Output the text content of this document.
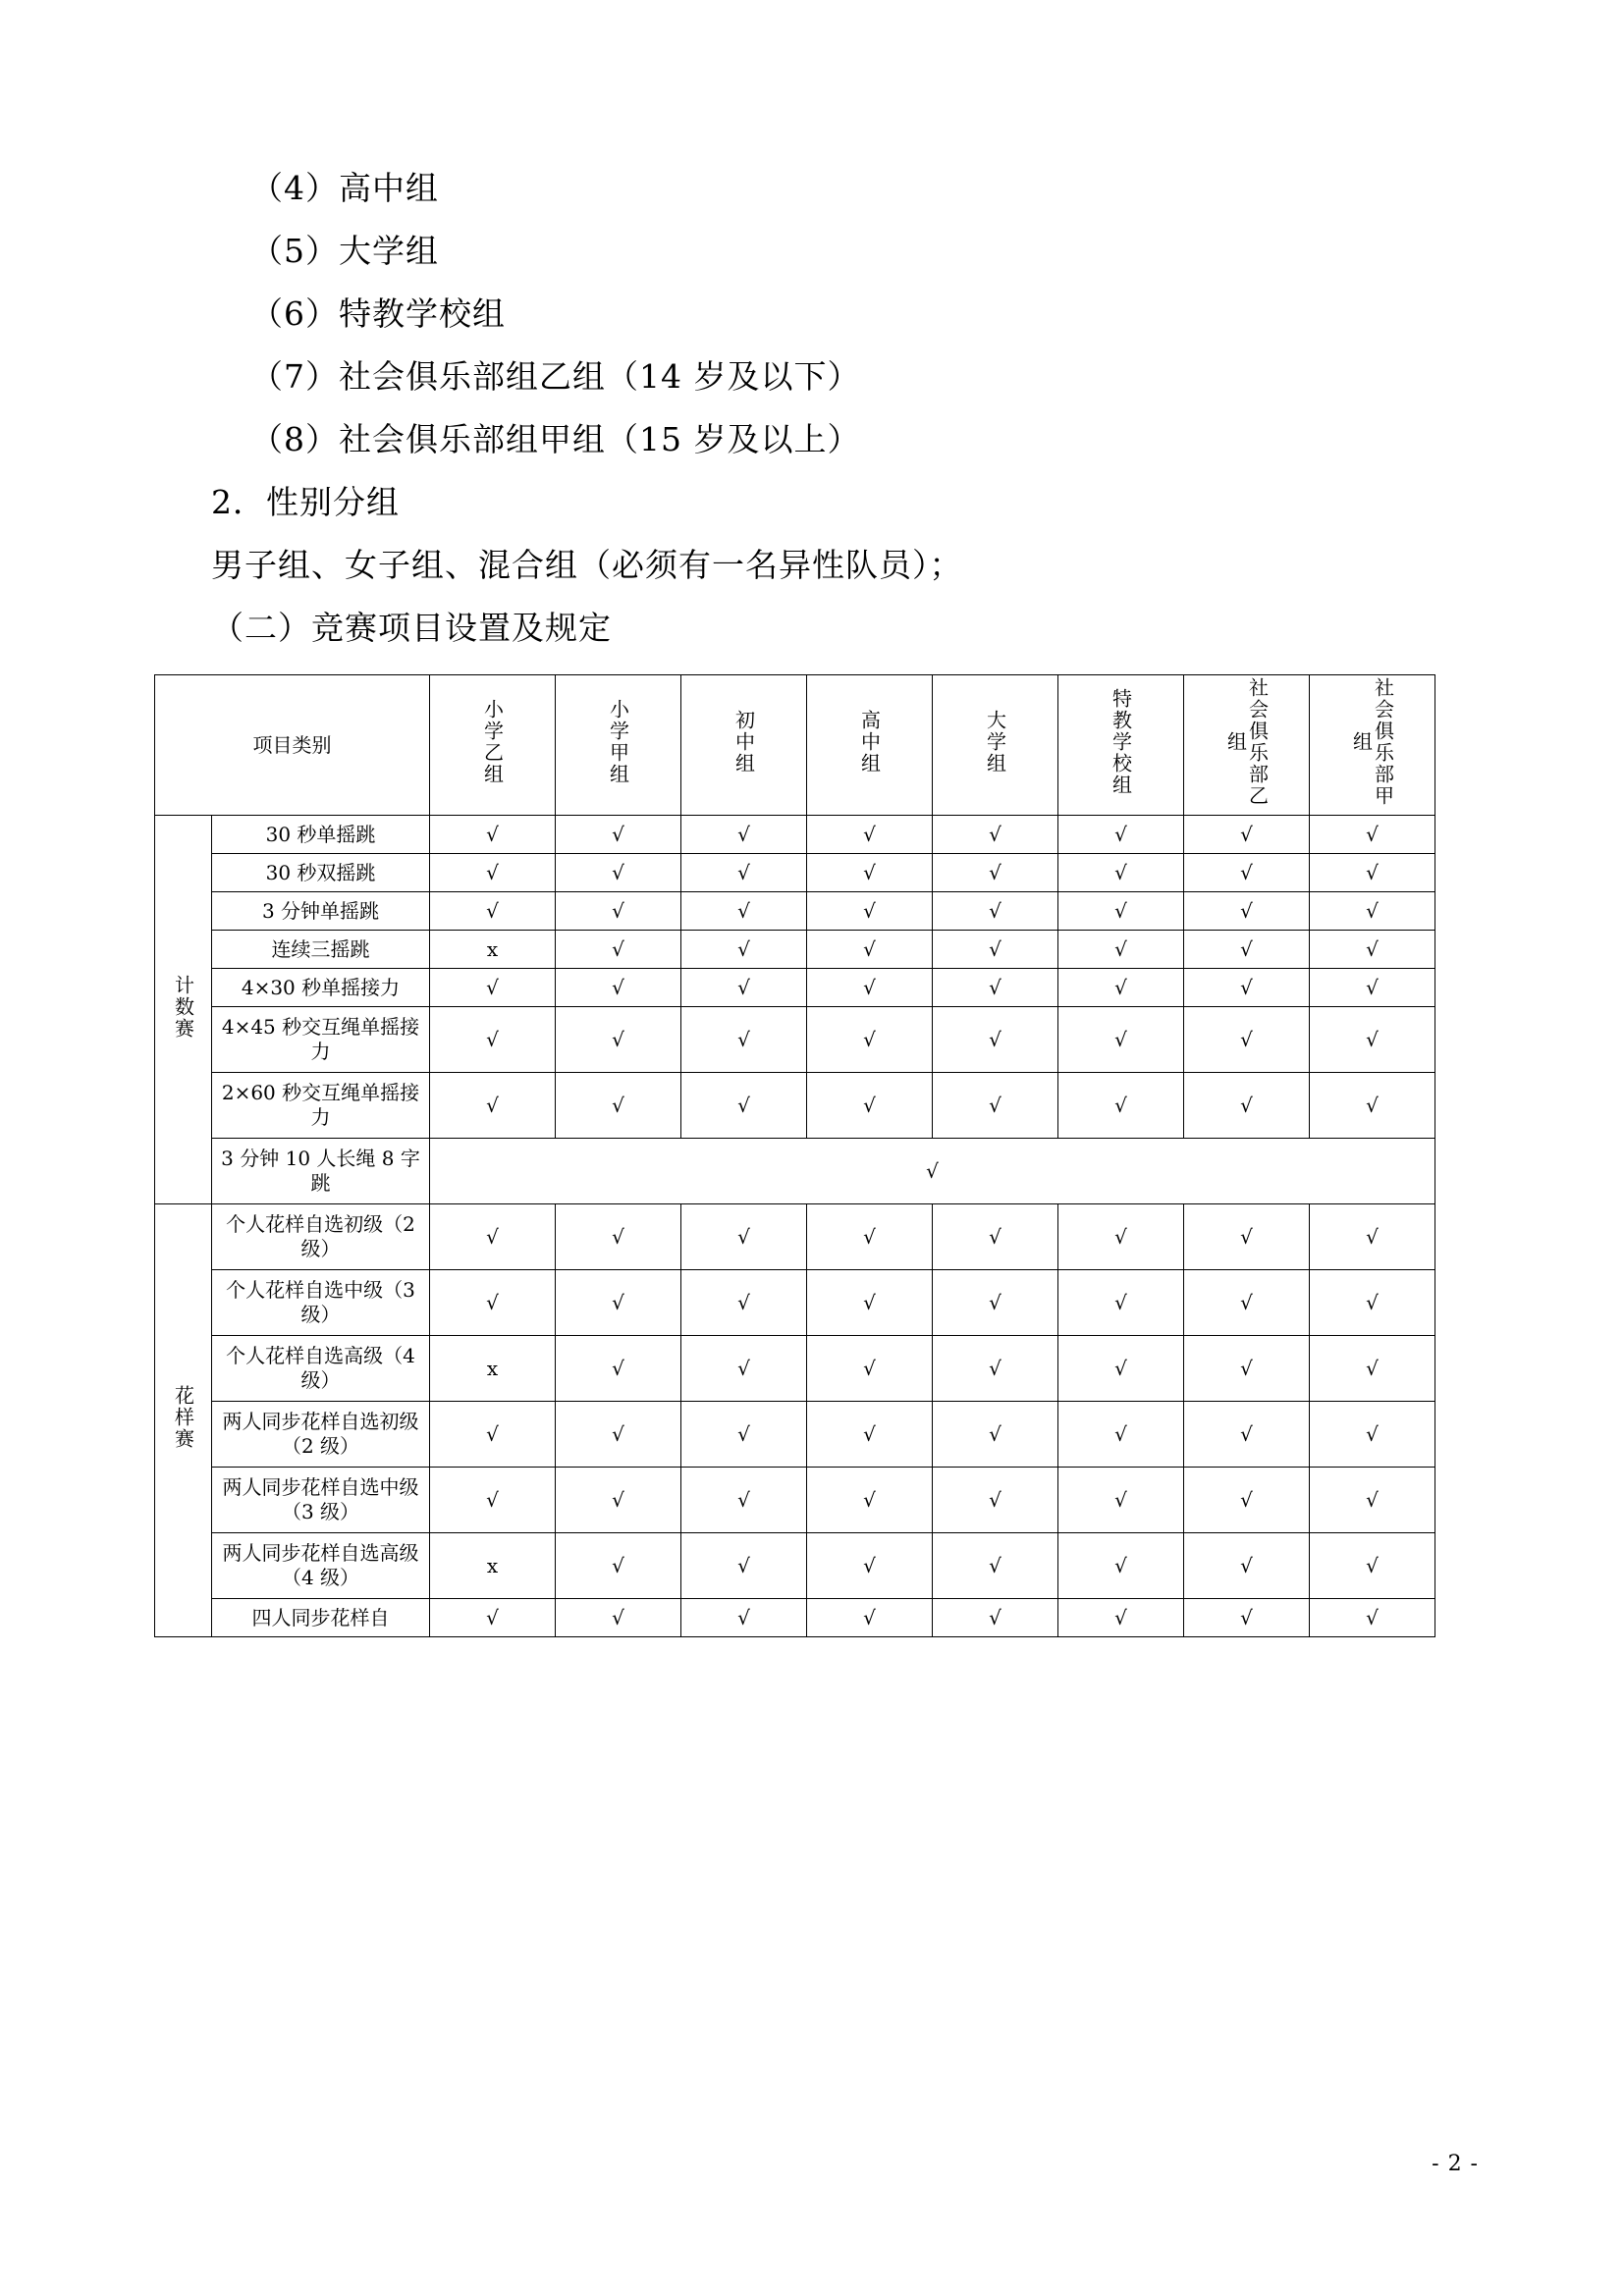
（4）高中组

（5）大学组

（6）特教学校组

（7）社会俱乐部组乙组（14 岁及以下）

（8）社会俱乐部组甲组（15 岁及以上）

2．性别分组

男子组、女子组、混合组（必须有一名异性队员）；

（二）竞赛项目设置及规定

项目类别		小学乙组	小学甲组	初中组	高中组	大学组	特教学校组	社会俱乐部乙组	社会俱乐部甲组
计数赛	30 秒单摇跳	√	√	√	√	√	√	√	√
	30 秒双摇跳	√	√	√	√	√	√	√	√
	3 分钟单摇跳	√	√	√	√	√	√	√	√
	连续三摇跳	x	√	√	√	√	√	√	√
	4×30 秒单摇接力	√	√	√	√	√	√	√	√
	4×45 秒交互绳单摇接力	√	√	√	√	√	√	√	√
	2×60 秒交互绳单摇接力	√	√	√	√	√	√	√	√
	3 分钟 10 人长绳 8 字跳	√							
花样赛	个人花样自选初级（2 级）	√	√	√	√	√	√	√	√
	个人花样自选中级（3 级）	√	√	√	√	√	√	√	√
	个人花样自选高级（4 级）	x	√	√	√	√	√	√	√
	两人同步花样自选初级（2 级）	√	√	√	√	√	√	√	√
	两人同步花样自选中级（3 级）	√	√	√	√	√	√	√	√
	两人同步花样自选高级（4 级）	x	√	√	√	√	√	√	√
	四人同步花样自	√	√	√	√	√	√	√	√
- 2 -
